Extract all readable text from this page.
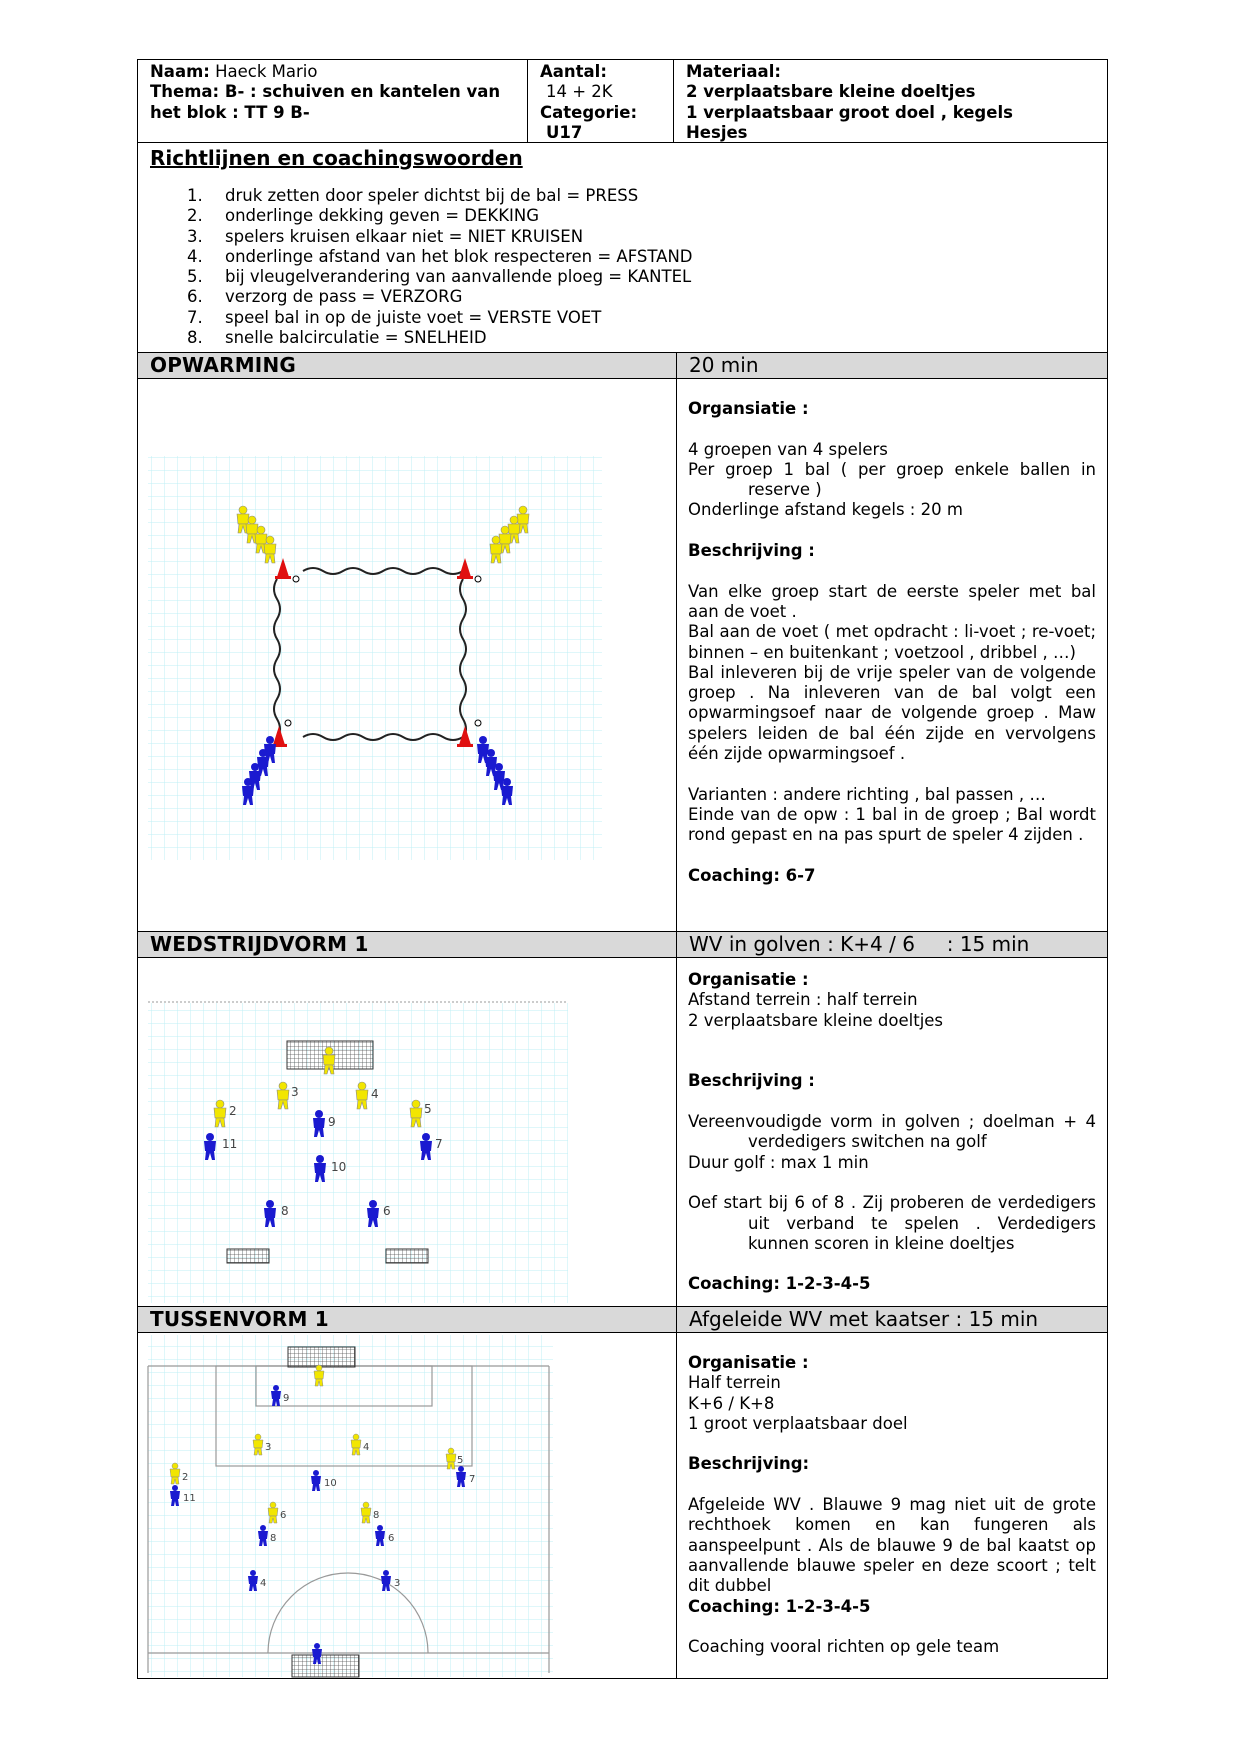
Naam: Haeck Mario
Thema: B- : schuiven en kantelen van
het blok : TT 9 B-
Aantal:
14 + 2K
Categorie:
U17
Materiaal:
2 verplaatsbare kleine doeltjes
1 verplaatsbaar groot doel , kegels
Hesjes
Richtlijnen en coachingswoorden
1. druk zetten door speler dichtst bij de bal = PRESS
2. onderlinge dekking geven = DEKKING
3. spelers kruisen elkaar niet = NIET KRUISEN
4. onderlinge afstand van het blok respecteren = AFSTAND
5. bij vleugelverandering van aanvallende ploeg = KANTEL
6. verzorg de pass = VERZORG
7. speel bal in op de juiste voet = VERSTE VOET
8. snelle balcirculatie = SNELHEID
OPWARMING	20 min
Organsiatie :
4 groepen van 4 spelers
Per groep 1 bal ( per groep enkele ballen in reserve )
Onderlinge afstand kegels : 20 m
Beschrijving :
Van elke groep start de eerste speler met bal aan de voet .
Bal aan de voet ( met opdracht : li-voet ; re-voet; binnen – en buitenkant ; voetzool , dribbel , …)
Bal inleveren bij de vrije speler van de volgende groep . Na inleveren van de bal volgt een opwarmingsoef naar de volgende groep . Maw spelers leiden de bal één zijde en vervolgens één zijde opwarmingsoef .
Varianten : andere richting , bal passen , …
Einde van de opw : 1 bal in de groep ; Bal wordt rond gepast en na pas spurt de speler 4 zijden .
Coaching: 6-7
WEDSTRIJDVORM 1	WV in golven : K+4 / 6     : 15 min
3	4
2	5
9
11	7
10
8	6
Organisatie :
Afstand terrein : half terrein
2 verplaatsbare kleine doeltjes
Beschrijving :
Vereenvoudigde vorm in golven ; doelman + 4 verdedigers switchen na golf
Duur golf : max 1 min
Oef start bij 6 of 8 . Zij proberen de verdedigers uit verband te spelen . Verdedigers kunnen scoren in kleine doeltjes
Coaching: 1-2-3-4-5
TUSSENVORM 1	Afgeleide WV met kaatser : 15 min
9
3	4
5
2	7
11
10
6	8
8	6
4	3
Organisatie :
Half terrein
K+6 / K+8
1 groot verplaatsbaar doel
Beschrijving:
Afgeleide WV . Blauwe 9 mag niet uit de grote rechthoek komen en kan fungeren als aanspeelpunt . Als de blauwe 9 de bal kaatst op aanvallende blauwe speler en deze scoort ; telt dit dubbel
Coaching: 1-2-3-4-5
Coaching vooral richten op gele team
